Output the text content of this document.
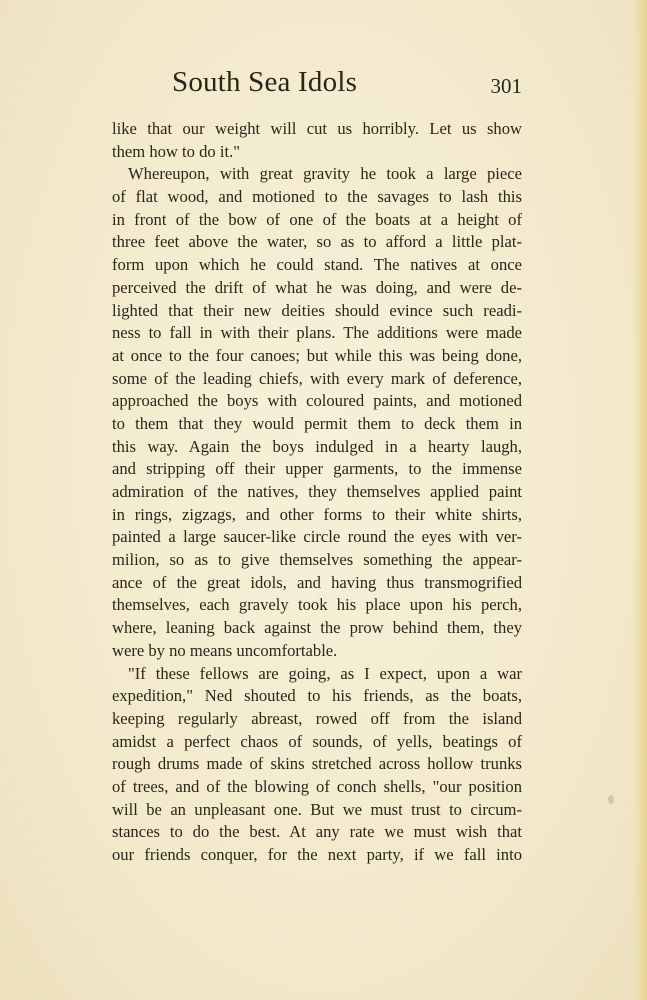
South Sea Idols	301
like that our weight will cut us horribly. Let us show
them how to do it."
Whereupon, with great gravity he took a large piece
of flat wood, and motioned to the savages to lash this
in front of the bow of one of the boats at a height of
three feet above the water, so as to afford a little plat-
form upon which he could stand. The natives at once
perceived the drift of what he was doing, and were de-
lighted that their new deities should evince such readi-
ness to fall in with their plans. The additions were made
at once to the four canoes; but while this was being done,
some of the leading chiefs, with every mark of deference,
approached the boys with coloured paints, and motioned
to them that they would permit them to deck them in
this way. Again the boys indulged in a hearty laugh,
and stripping off their upper garments, to the immense
admiration of the natives, they themselves applied paint
in rings, zigzags, and other forms to their white shirts,
painted a large saucer-like circle round the eyes with ver-
milion, so as to give themselves something the appear-
ance of the great idols, and having thus transmogrified
themselves, each gravely took his place upon his perch,
where, leaning back against the prow behind them, they
were by no means uncomfortable.
"If these fellows are going, as I expect, upon a war
expedition," Ned shouted to his friends, as the boats,
keeping regularly abreast, rowed off from the island
amidst a perfect chaos of sounds, of yells, beatings of
rough drums made of skins stretched across hollow trunks
of trees, and of the blowing of conch shells, "our position
will be an unpleasant one. But we must trust to circum-
stances to do the best. At any rate we must wish that
our friends conquer, for the next party, if we fall into
